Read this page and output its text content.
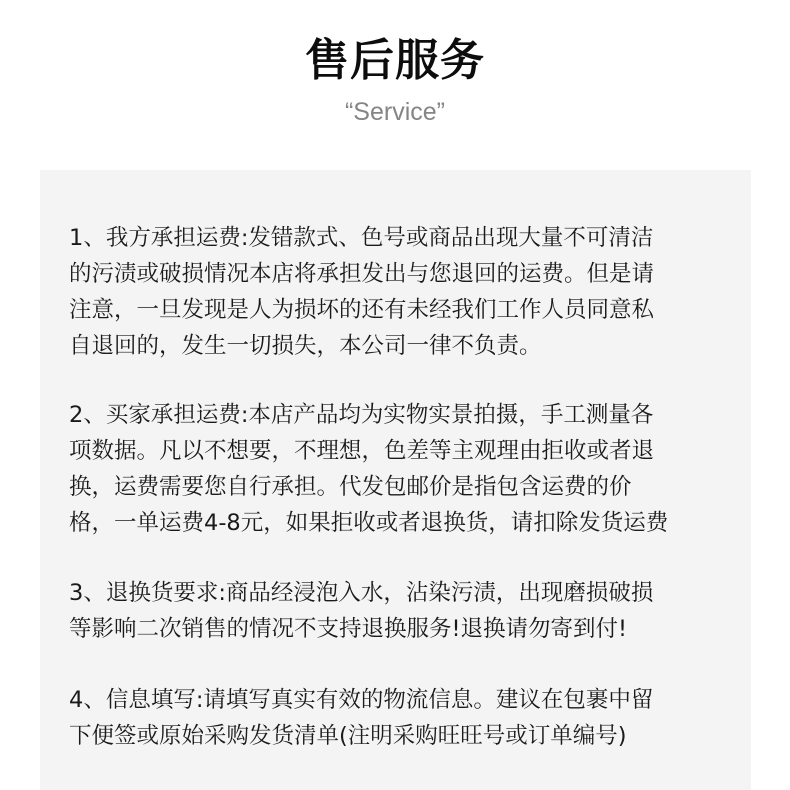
售后服务
“Service”
1、我方承担运费:发错款式、色号或商品出现大量不可清洁
的污渍或破损情况本店将承担发出与您退回的运费。但是请
注意，一旦发现是人为损坏的还有未经我们工作人员同意私
自退回的，发生一切损失，本公司一律不负责。
2、买家承担运费:本店产品均为实物实景拍摄，手工测量各
项数据。凡以不想要，不理想，色差等主观理由拒收或者退
换，运费需要您自行承担。代发包邮价是指包含运费的价
格，一单运费4-8元，如果拒收或者退换货，请扣除发货运费
3、退换货要求:商品经浸泡入水，沾染污渍，出现磨损破损
等影响二次销售的情况不支持退换服务!退换请勿寄到付!
4、信息填写:请填写真实有效的物流信息。建议在包裹中留
下便签或原始采购发货清单(注明采购旺旺号或订单编号)
